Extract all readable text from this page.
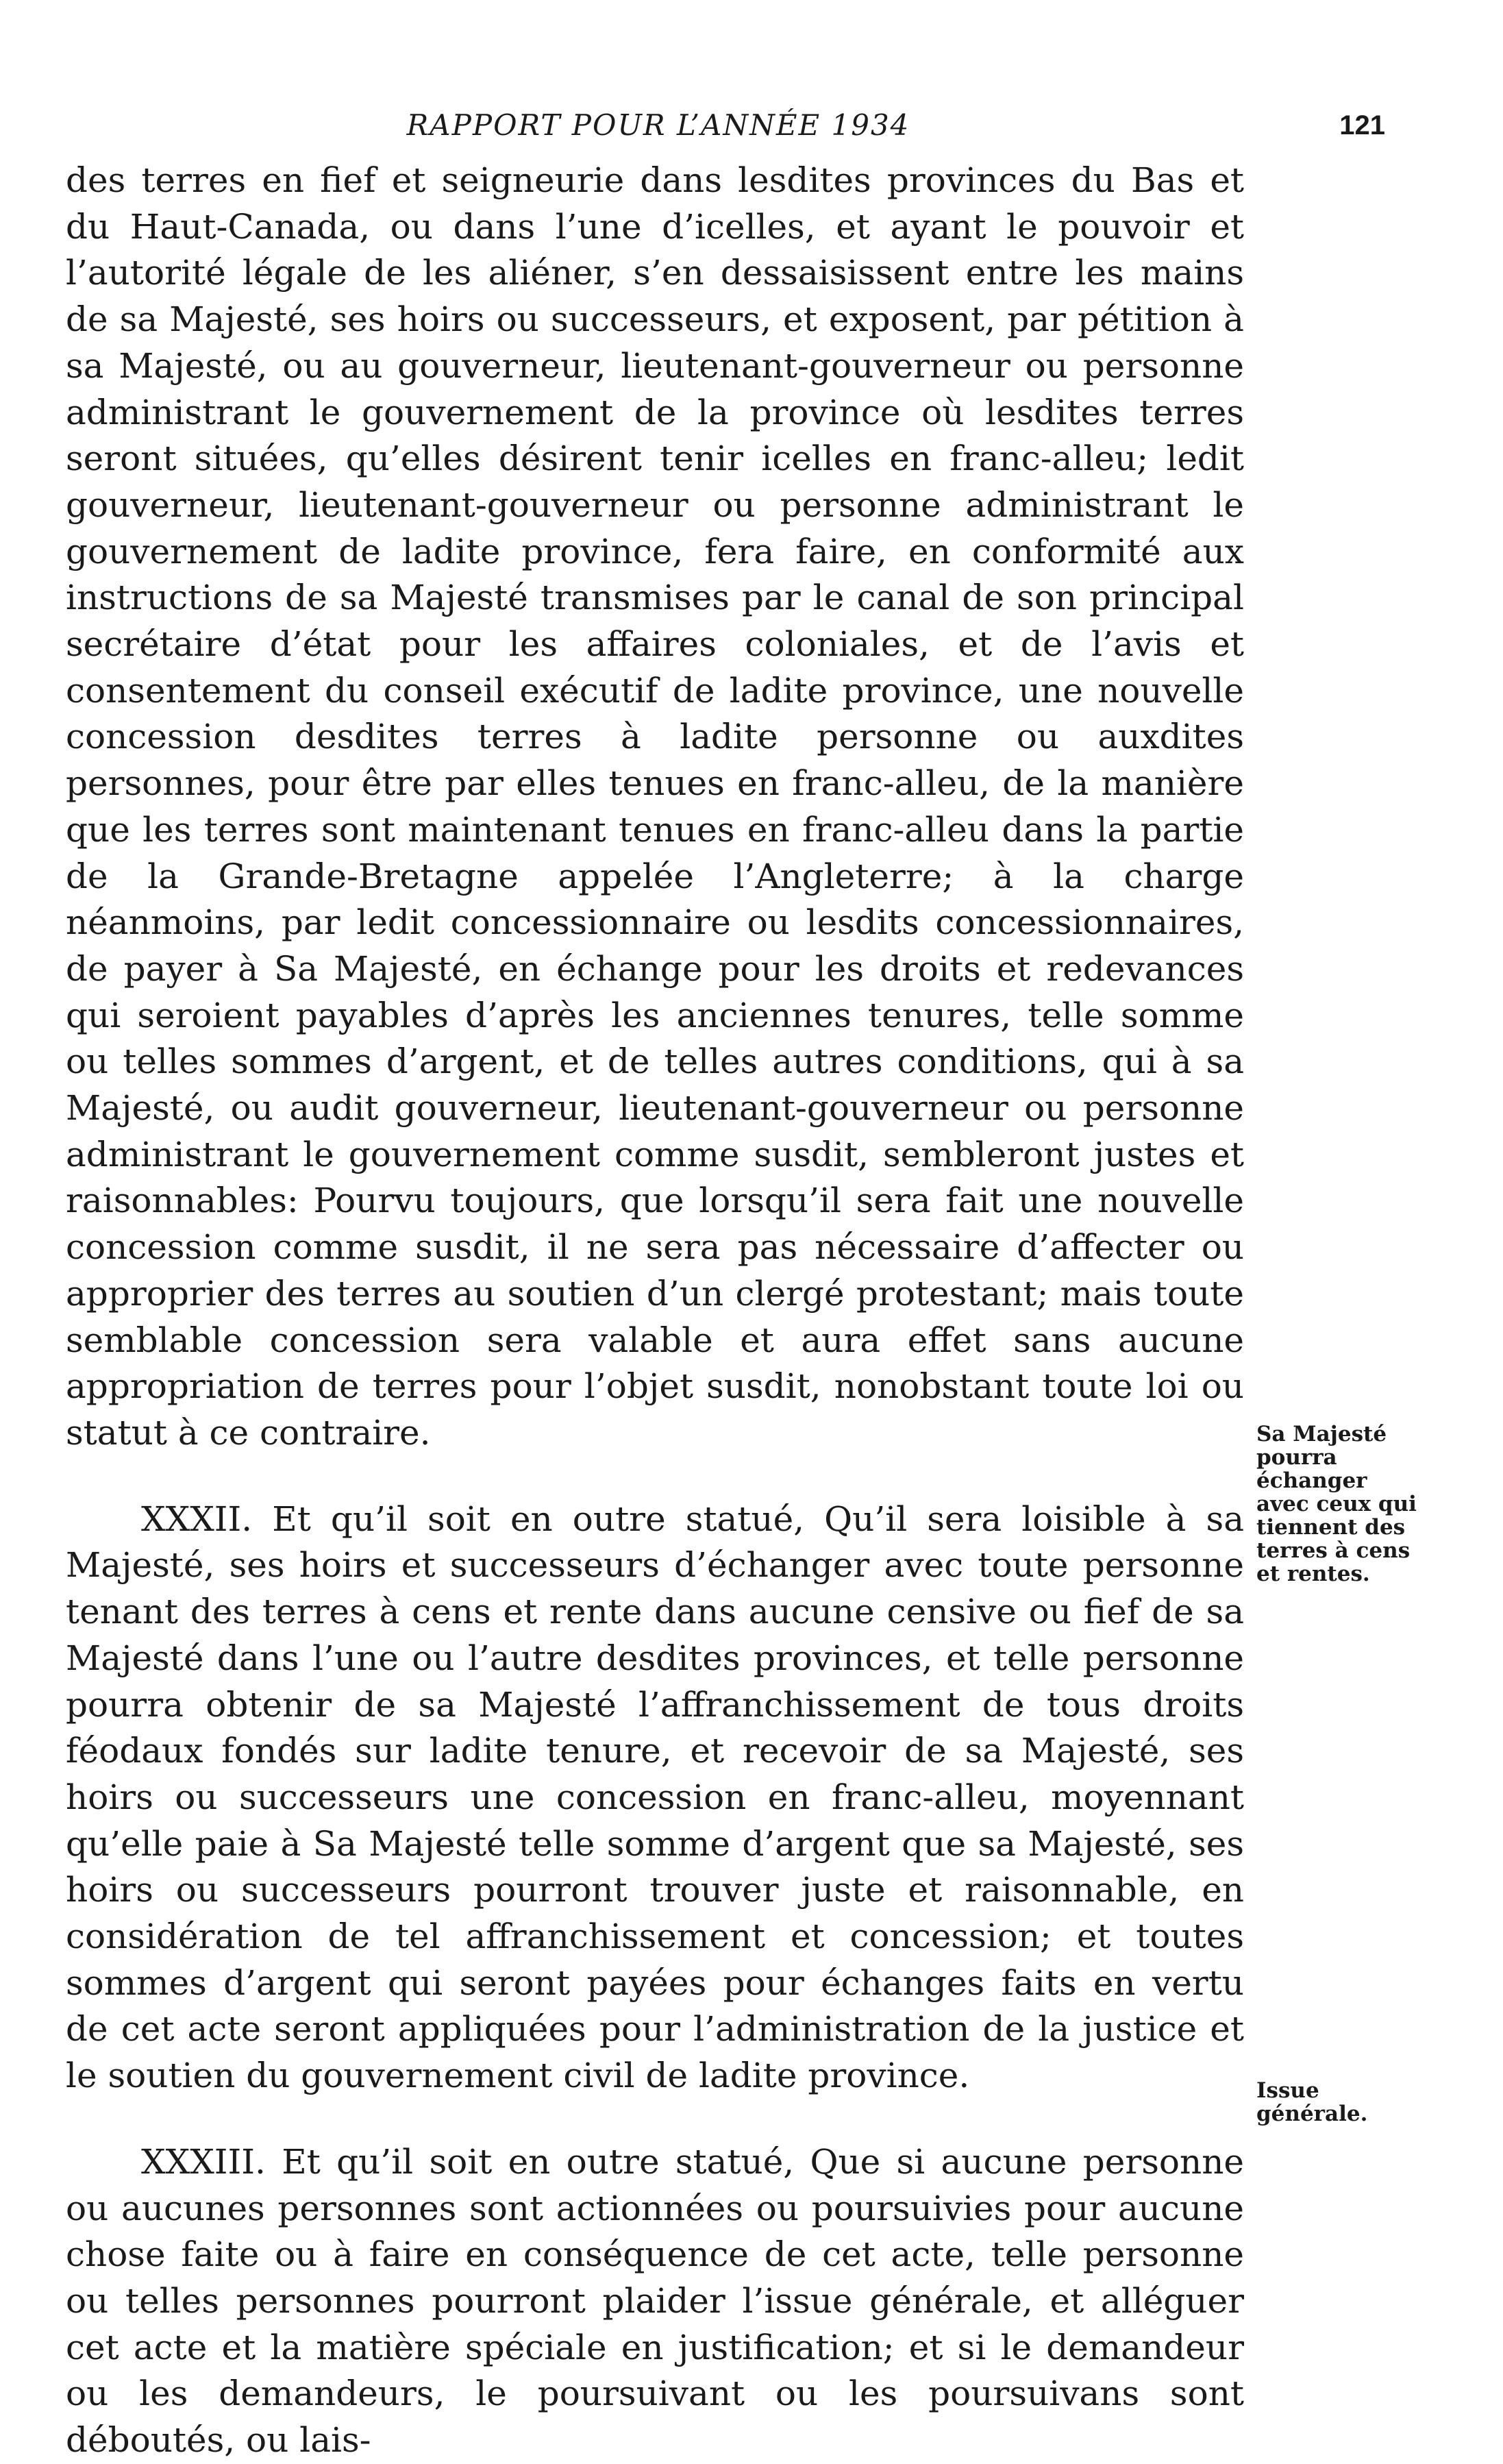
RAPPORT POUR L’ANNÉE 1934	121

des terres en fief et seigneurie dans lesdites provinces du Bas et du Haut-Canada, ou dans l’une d’icelles, et ayant le pouvoir et l’autorité légale de les aliéner, s’en dessaisissent entre les mains de sa Majesté, ses hoirs ou successeurs, et exposent, par pétition à sa Majesté, ou au gouverneur, lieutenant-gouverneur ou personne administrant le gouvernement de la province où lesdites terres seront situées, qu’elles désirent tenir icelles en franc-alleu; ledit gouverneur, lieutenant-gouverneur ou personne administrant le gouvernement de ladite province, fera faire, en conformité aux instructions de sa Majesté transmises par le canal de son principal secrétaire d’état pour les affaires coloniales, et de l’avis et consentement du conseil exécutif de ladite province, une nouvelle concession desdites terres à ladite personne ou auxdites personnes, pour être par elles tenues en franc-alleu, de la manière que les terres sont maintenant tenues en franc-alleu dans la partie de la Grande-Bretagne appelée l’Angleterre; à la charge néanmoins, par ledit concessionnaire ou lesdits concessionnaires, de payer à Sa Majesté, en échange pour les droits et redevances qui seroient payables d’après les anciennes tenures, telle somme ou telles sommes d’argent, et de telles autres conditions, qui à sa Majesté, ou audit gouverneur, lieutenant-gouverneur ou personne administrant le gouvernement comme susdit, sembleront justes et raisonnables: Pourvu toujours, que lorsqu’il sera fait une nouvelle concession comme susdit, il ne sera pas nécessaire d’affecter ou approprier des terres au soutien d’un clergé protestant; mais toute semblable concession sera valable et aura effet sans aucune appropriation de terres pour l’objet susdit, nonobstant toute loi ou statut à ce contraire.

XXXII. Et qu’il soit en outre statué, Qu’il sera loisible à sa Majesté, ses hoirs et successeurs d’échanger avec toute personne tenant des terres à cens et rente dans aucune censive ou fief de sa Majesté dans l’une ou l’autre desdites provinces, et telle personne pourra obtenir de sa Majesté l’affranchissement de tous droits féodaux fondés sur ladite tenure, et recevoir de sa Majesté, ses hoirs ou successeurs une concession en franc-alleu, moyennant qu’elle paie à Sa Majesté telle somme d’argent que sa Majesté, ses hoirs ou successeurs pourront trouver juste et raisonnable, en considération de tel affranchissement et concession; et toutes sommes d’argent qui seront payées pour échanges faits en vertu de cet acte seront appliquées pour l’administration de la justice et le soutien du gouvernement civil de ladite province.

XXXIII. Et qu’il soit en outre statué, Que si aucune personne ou aucunes personnes sont actionnées ou poursuivies pour aucune chose faite ou à faire en conséquence de cet acte, telle personne ou telles personnes pourront plaider l’issue générale, et alléguer cet acte et la matière spéciale en justification; et si le demandeur ou les demandeurs, le poursuivant ou les poursuivans sont déboutés, ou lais-

Sa Majesté pourra échanger avec ceux qui tiennent des terres à cens et rentes.
Issue générale.
